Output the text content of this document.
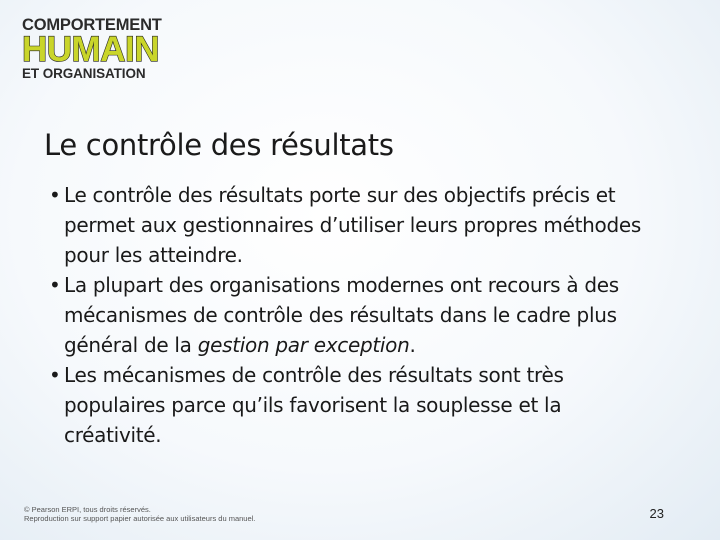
COMPORTEMENT
HUMAIN
ET ORGANISATION
Le contrôle des résultats
• Le contrôle des résultats porte sur des objectifs précis et permet aux gestionnaires d’utiliser leurs propres méthodes pour les atteindre.
• La plupart des organisations modernes ont recours à des mécanismes de contrôle des résultats dans le cadre plus général de la gestion par exception.
• Les mécanismes de contrôle des résultats sont très populaires parce qu’ils favorisent la souplesse et la créativité.
© Pearson ERPI, tous droits réservés.
Reproduction sur support papier autorisée aux utilisateurs du manuel.	23
